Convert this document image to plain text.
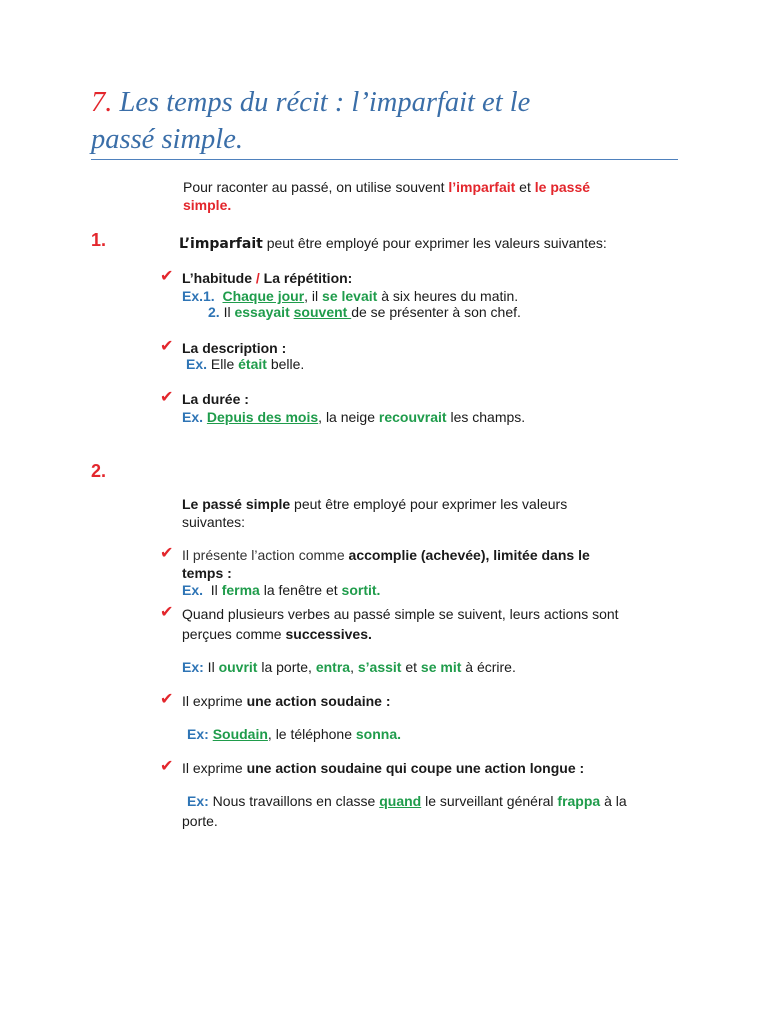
7. Les temps du récit : l’imparfait et le
passé simple.
Pour raconter au passé, on utilise souvent l’imparfait et le passé
simple.
1.	L’imparfait peut être employé pour exprimer les valeurs suivantes:
✔ L’habitude / La répétition:
Ex.1. Chaque jour, il se levait à six heures du matin.
2. Il essayait souvent de se présenter à son chef.
✔ La description :
Ex. Elle était belle.
✔ La durée :
Ex. Depuis des mois, la neige recouvrait les champs.
2.
Le passé simple peut être employé pour exprimer les valeurs
suivantes:
✔ Il présente l’action comme accomplie (achevée), limitée dans le
temps :
Ex.  Il ferma la fenêtre et sortit.
✔ Quand plusieurs verbes au passé simple se suivent, leurs actions sont
perçues comme successives.
Ex: Il ouvrit la porte, entra, s’assit et se mit à écrire.
✔ Il exprime une action soudaine :
Ex: Soudain, le téléphone sonna.
✔ Il exprime une action soudaine qui coupe une action longue :
Ex: Nous travaillons en classe quand le surveillant général frappa à la
porte.
